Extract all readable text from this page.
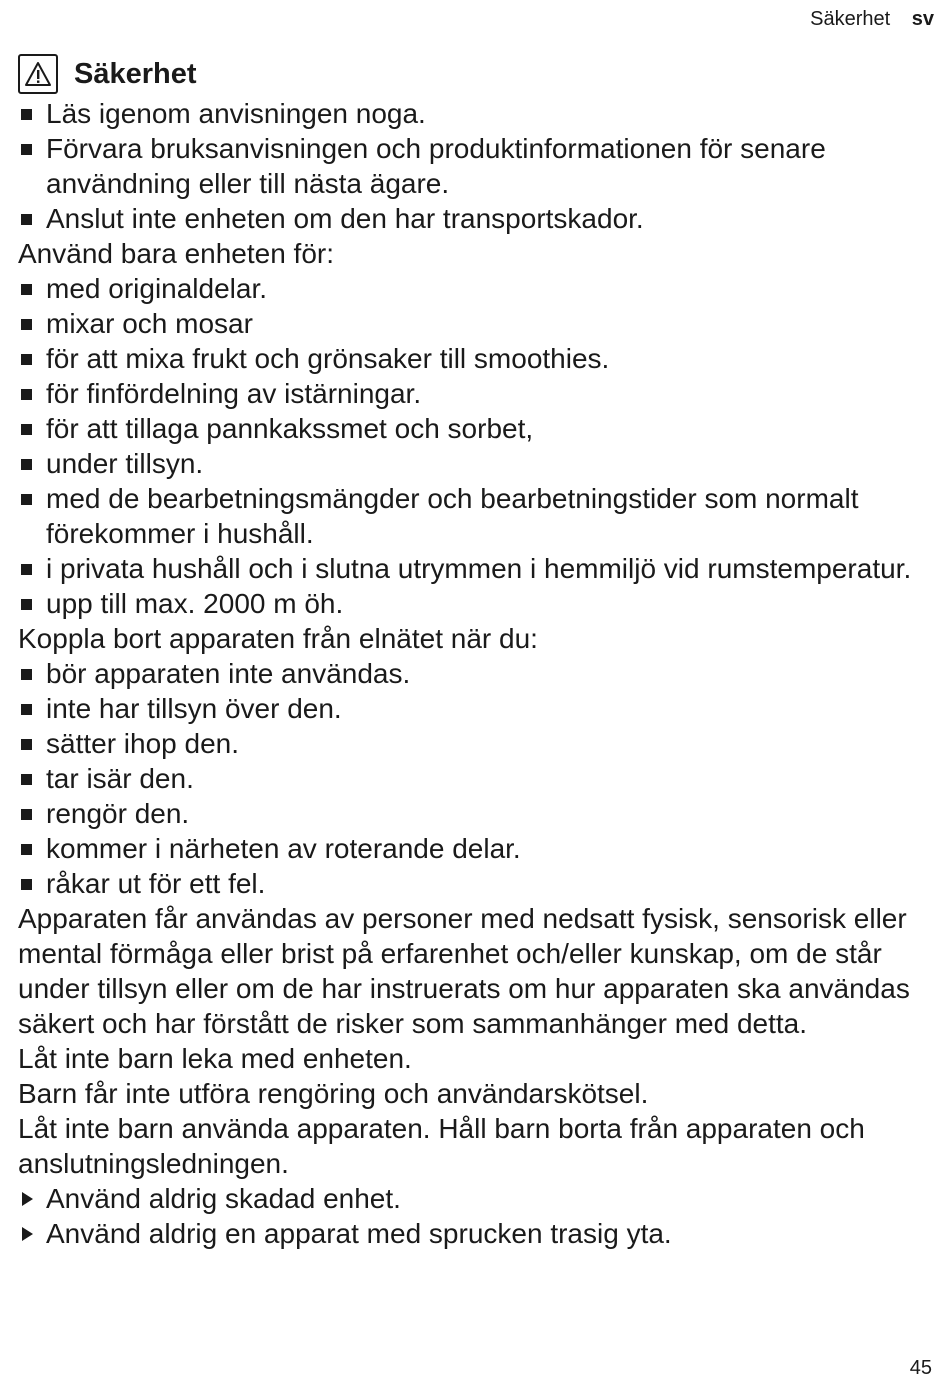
Säkerhet sv
Säkerhet
Läs igenom anvisningen noga.
Förvara bruksanvisningen och produktinformationen för senare användning eller till nästa ägare.
Anslut inte enheten om den har transportskador.

Använd bara enheten för:

med originaldelar.
mixar och mosar
för att mixa frukt och grönsaker till smoothies.
för finfördelning av istärningar.
för att tillaga pannkakssmet och sorbet,
under tillsyn.
med de bearbetningsmängder och bearbetningstider som normalt förekommer i hushåll.
i privata hushåll och i slutna utrymmen i hemmiljö vid rumstemperatur.
upp till max. 2000 m öh.

Koppla bort apparaten från elnätet när du:

bör apparaten inte användas.
inte har tillsyn över den.
sätter ihop den.
tar isär den.
rengör den.
kommer i närheten av roterande delar.
råkar ut för ett fel.

Apparaten får användas av personer med nedsatt fysisk, sensorisk eller mental förmåga eller brist på erfarenhet och/eller kunskap, om de står under tillsyn eller om de har instruerats om hur apparaten ska användas säkert och har förstått de risker som sammanhänger med detta.

Låt inte barn leka med enheten.

Barn får inte utföra rengöring och användarskötsel.

Låt inte barn använda apparaten. Håll barn borta från apparaten och anslutningsledningen.

Använd aldrig skadad enhet.
Använd aldrig en apparat med sprucken trasig yta.
45
